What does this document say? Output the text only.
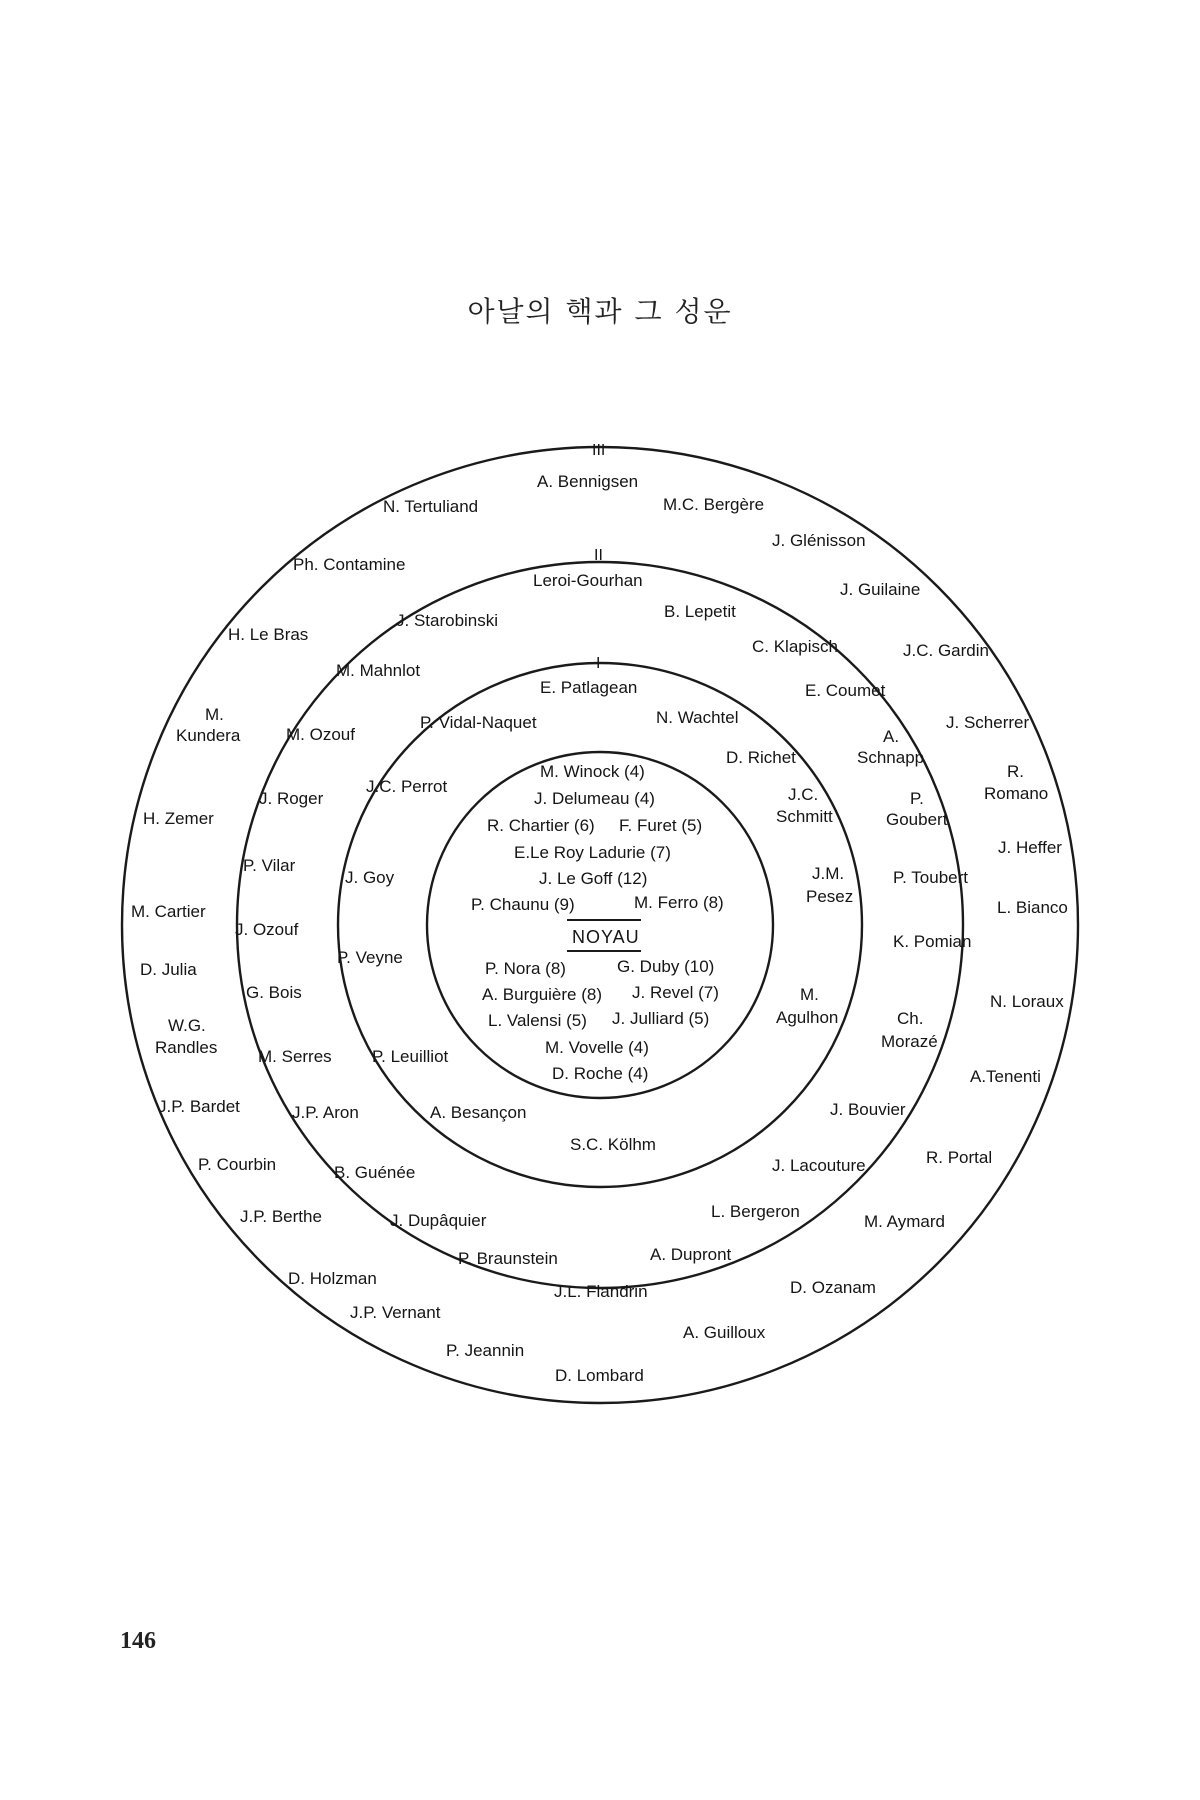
아날의 핵과 그 성운
III
II
I
M. Winock (4)
J. Delumeau (4)
R. Chartier (6) F. Furet (5)
E.Le Roy Ladurie (7)
J. Le Goff (12)
P. Chaunu (9)	M. Ferro (8)
NOYAU
P. Nora (8)	G. Duby (10)
A. Burguière (8) J. Revel (7)
L. Valensi (5) J. Julliard (5)
M. Vovelle (4)
D. Roche (4)
E. Patlagean
N. Wachtel
D. Richet
P. Vidal-Naquet
J.C. Perrot	J.C.
Schmitt
J. Goy	J.M.
Pesez
P. Veyne
M.
Agulhon
P. Leuilliot
A. Besançon	J. Bouvier
S.C. Kölhm
J. Lacouture
Leroi-Gourhan
B. Lepetit
J. Starobinski
C. Klapisch
M. Mahnlot
E. Coumet
M. Ozouf	A.
Schnapp
J. Roger	P.
Goubert
P. Vilar
P. Toubert
J. Ozouf
K. Pomian
G. Bois
Ch.
Morazé
M. Serres
J.P. Aron
B. Guénée
J. Dupâquier	L. Bergeron
P. Braunstein	A. Dupront
J.L. Flandrin
A. Bennigsen
N. Tertuliand	M.C. Bergère
J. Glénisson
Ph. Contamine
J. Guilaine
H. Le Bras
J.C. Gardin
M.
Kundera
J. Scherrer
R.
Romano
H. Zemer
J. Heffer
M. Cartier	L. Bianco
D. Julia
N. Loraux
W.G.
Randles
A.Tenenti
J.P. Bardet
R. Portal
P. Courbin
M. Aymard
J.P. Berthe
D. Holzman	D. Ozanam
J.P. Vernant
A. Guilloux
P. Jeannin
D. Lombard
146
